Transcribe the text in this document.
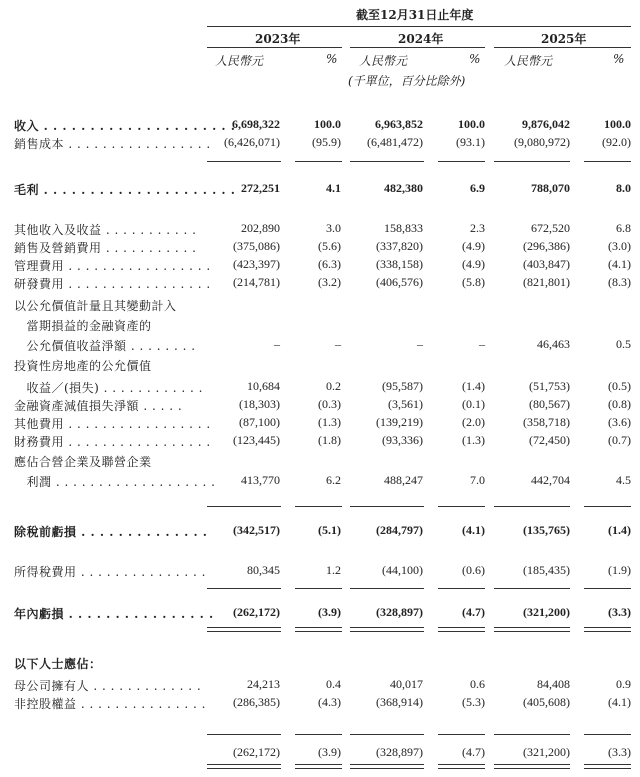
截至12月31日止年度
2023年	2024年	2025年
人民幣元	% 人民幣元	% 人民幣元	%
(千單位，百分比除外)
收入 . . . . . . . . . . . . . . . . . . . . .
6,698,322	100.0	6,963,852	100.0	9,876,042	100.0
銷售成本 . . . . . . . . . . . . . . . . . (6,426,071)	(95.9) (6,481,472)	(93.1) (9,080,972)	(92.0)
毛利 . . . . . . . . . . . . . . . . . . . . . 272,251	4.1	482,380	6.9	788,070	8.0
其他收入及收益 . . . . . . . . . . .	202,890	3.0	158,833	2.3	672,520	6.8
銷售及營銷費用 . . . . . . . . . . .	(375,086)	(5.6)	(337,820)	(4.9)	(296,386)	(3.0)
管理費用 . . . . . . . . . . . . . . . . . (423,397)	(6.3)	(338,158)	(4.9)	(403,847)	(4.1)
研發費用 . . . . . . . . . . . . . . . . . (214,781)	(3.2)	(406,576)	(5.8)	(821,801)	(8.3)
以公允價值計量且其變動計入
　當期損益的金融資產的
　公允價值收益淨額 . . . . . . . .	–	–	–	–	46,463	0.5
投資性房地產的公允價值
　收益／(損失) . . . . . . . . . . . .	10,684	0.2	(95,587)	(1.4)	(51,753)	(0.5)
金融資產減值損失淨額 . . . . .	(18,303)	(0.3)	(3,561)	(0.1)	(80,567)	(0.8)
其他費用 . . . . . . . . . . . . . . . . . (87,100)	(1.3)	(139,219)	(2.0)	(358,718)	(3.6)
財務費用 . . . . . . . . . . . . . . . . . (123,445)	(1.8)	(93,336)	(1.3)	(72,450)	(0.7)
應佔合營企業及聯營企業
　利潤 . . . . . . . . . . . . . . . . . . . 413,770	6.2	488,247	7.0	442,704	4.5
除稅前虧損 . . . . . . . . . . . . . . (342,517)	(5.1)	(284,797)	(4.1)	(135,765)	(1.4)
所得稅費用 . . . . . . . . . . . . . . .	80,345	1.2	(44,100)	(0.6)	(185,435)	(1.9)
年內虧損 . . . . . . . . . . . . . . . . (262,172)	(3.9)	(328,897)	(4.7)	(321,200)	(3.3)
以下人士應佔：
母公司擁有人 . . . . . . . . . . . . .	24,213	0.4	40,017	0.6	84,408	0.9
非控股權益 . . . . . . . . . . . . . . . (286,385)	(4.3)	(368,914)	(5.3)	(405,608)	(4.1)
(262,172)	(3.9)	(328,897)	(4.7)	(321,200)	(3.3)
